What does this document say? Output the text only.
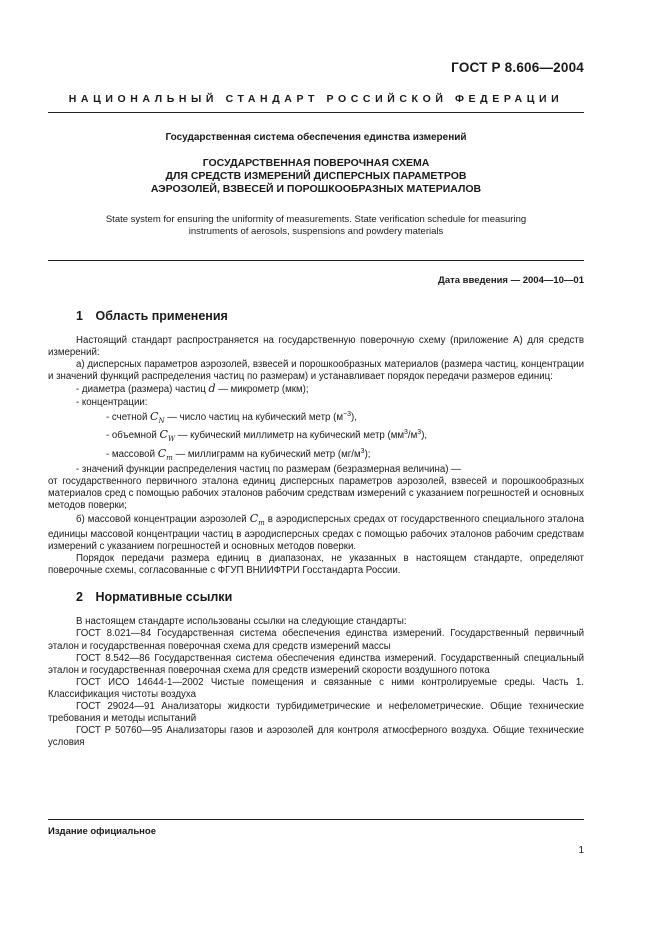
ГОСТ Р 8.606—2004
НАЦИОНАЛЬНЫЙ СТАНДАРТ РОССИЙСКОЙ ФЕДЕРАЦИИ
Государственная система обеспечения единства измерений
ГОСУДАРСТВЕННАЯ ПОВЕРОЧНАЯ СХЕМА
ДЛЯ СРЕДСТВ ИЗМЕРЕНИЙ ДИСПЕРСНЫХ ПАРАМЕТРОВ
АЭРОЗОЛЕЙ, ВЗВЕСЕЙ И ПОРОШКООБРАЗНЫХ МАТЕРИАЛОВ
State system for ensuring the uniformity of measurements. State verification schedule for measuring
instruments of aerosols, suspensions and powdery materials
Дата введения — 2004—10—01
1 Область применения

Настоящий стандарт распространяется на государственную поверочную схему (приложение А) для средств измерений:

а) дисперсных параметров аэрозолей, взвесей и порошкообразных материалов (размера частиц, концентрации и значений функций распределения частиц по размерам) и устанавливает порядок передачи размеров единиц:

- диаметра (размера) частиц d — микрометр (мкм);

- концентрации:

- счетной $C_N$ — число частиц на кубический метр $(м^{-3})$,

- объемной $C_W$ — кубический миллиметр на кубический метр $(мм^3/м^3)$,

- массовой $C_m$ — миллиграмм на кубический метр $(мг/м^3)$;

- значений функции распределения частиц по размерам (безразмерная величина) —

от государственного первичного эталона единиц дисперсных параметров аэрозолей, взвесей и порошкообразных материалов сред с помощью рабочих эталонов рабочим средствам измерений с указанием погрешностей и основных методов поверки;

б) массовой концентрации аэрозолей $C_m$ в аэродисперсных средах от государственного специального эталона единицы массовой концентрации частиц в аэродисперсных средах с помощью рабочих эталонов рабочим средствам измерений с указанием погрешностей и основных методов поверки.

Порядок передачи размера единиц в диапазонах, не указанных в настоящем стандарте, определяют поверочные схемы, согласованные с ФГУП ВНИИФТРИ Госстандарта России.

2 Нормативные ссылки

В настоящем стандарте использованы ссылки на следующие стандарты:

ГОСТ 8.021—84 Государственная система обеспечения единства измерений. Государственный первичный эталон и государственная поверочная схема для средств измерений массы

ГОСТ 8.542—86 Государственная система обеспечения единства измерений. Государственный специальный эталон и государственная поверочная схема для средств измерений скорости воздушного потока

ГОСТ ИСО 14644-1—2002 Чистые помещения и связанные с ними контролируемые среды. Часть 1. Классификация чистоты воздуха

ГОСТ 29024—91 Анализаторы жидкости турбидиметрические и нефелометрические. Общие технические требования и методы испытаний

ГОСТ Р 50760—95 Анализаторы газов и аэрозолей для контроля атмосферного воздуха. Общие технические условия

Издание официальное
1
